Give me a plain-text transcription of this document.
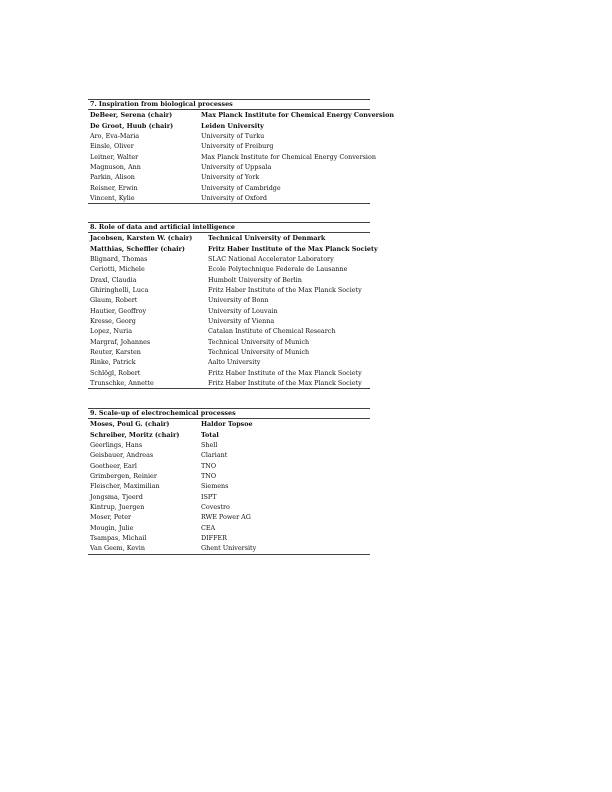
7. Inspiration from biological processes
DeBeer, Serena (chair)	Max Planck Institute for Chemical Energy Conversion
De Groot, Huub (chair)	Leiden University
Aro, Eva-Maria	University of Turku
Einsle, Oliver	University of Freiburg
Leitner, Walter	Max Planck Institute for Chemical Energy Conversion
Magnuson, Ann	University of Uppsala
Parkin, Alison	University of York
Reisner, Erwin	University of Cambridge
Vincent, Kylie	University of Oxford
8. Role of data and artificial intelligence
Jacobsen, Karsten W. (chair)	Technical University of Denmark
Matthias, Scheffler (chair)	Fritz Haber Institute of the Max Planck Society
Blignard, Thomas	SLAC National Accelerator Laboratory
Ceriotti, Michele	Ecole Polytechnique Federale de Lausanne
Draxl, Claudia	Humbolt University of Berlin
Ghiringhelli, Luca	Fritz Haber Institute of the Max Planck Society
Glaum, Robert	University of Bonn
Hautier, Geoffroy	University of Louvain
Kresse, Georg	University of Vienna
Lopez, Nuria	Catalan Institute of Chemical Research
Margraf, Johannes	Technical University of Munich
Reuter, Karsten	Technical University of Munich
Rinke, Patrick	Aalto University
Schlögl, Robert	Fritz Haber Institute of the Max Planck Society
Trunschke, Annette	Fritz Haber Institute of the Max Planck Society
9. Scale-up of electrochemical processes
Moses, Poul G. (chair)	Haldor Topsoe
Schreiber, Moritz (chair)	Total
Geerlings, Hans	Shell
Geisbauer, Andreas	Clariant
Goetheer, Earl	TNO
Grimbergen, Reinier	TNO
Fleischer, Maximilian	Siemens
Jongsma, Tjeerd	ISPT
Kintrup, Juergen	Covestro
Moser, Peter	RWE Power AG
Mougin, Julie	CEA
Tsampas, Michail	DIFFER
Van Geem, Kevin	Ghent University
